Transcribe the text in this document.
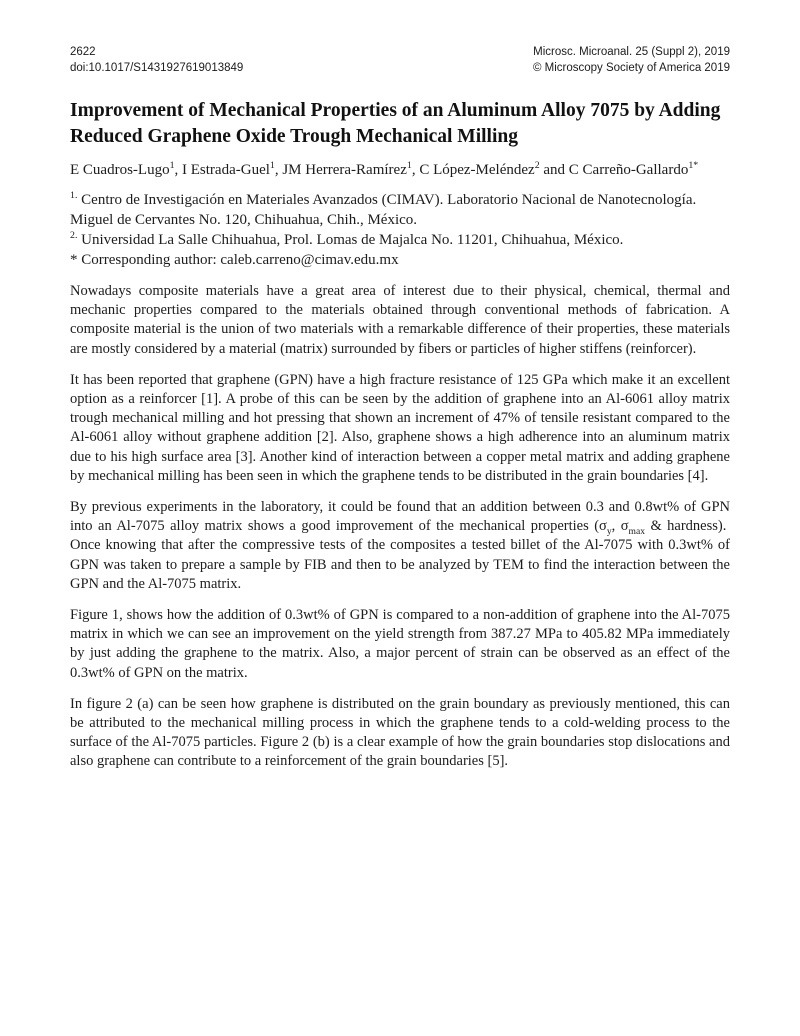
2622
doi:10.1017/S1431927619013849
Microsc. Microanal. 25 (Suppl 2), 2019
© Microscopy Society of America 2019
Improvement of Mechanical Properties of an Aluminum Alloy 7075 by Adding Reduced Graphene Oxide Trough Mechanical Milling

E Cuadros-Lugo$^1$, I Estrada-Guel$^1$, JM Herrera-Ramírez$^1$, C López-Meléndez$^2$ and C Carreño-Gallardo$^{1*}$

$^{1.}$ Centro de Investigación en Materiales Avanzados (CIMAV). Laboratorio Nacional de Nanotecnología. Miguel de Cervantes No. 120, Chihuahua, Chih., México.

$^{2.}$ Universidad La Salle Chihuahua, Prol. Lomas de Majalca No. 11201, Chihuahua, México.

* Corresponding author: caleb.carreno@cimav.edu.mx

Nowadays composite materials have a great area of interest due to their physical, chemical, thermal and mechanic properties compared to the materials obtained through conventional methods of fabrication. A composite material is the union of two materials with a remarkable difference of their properties, these materials are mostly considered by a material (matrix) surrounded by fibers or particles of higher stiffens (reinforcer).

It has been reported that graphene (GPN) have a high fracture resistance of 125 GPa which make it an excellent option as a reinforcer [1]. A probe of this can be seen by the addition of graphene into an Al-6061 alloy matrix trough mechanical milling and hot pressing that shown an increment of 47% of tensile resistant compared to the Al-6061 alloy without graphene addition [2]. Also, graphene shows a high adherence into an aluminum matrix due to his high surface area [3]. Another kind of interaction between a copper metal matrix and adding graphene by mechanical milling has been seen in which the graphene tends to be distributed in the grain boundaries [4].

By previous experiments in the laboratory, it could be found that an addition between 0.3 and 0.8wt% of GPN into an Al-7075 alloy matrix shows a good improvement of the mechanical properties ($\sigma_y$, $\sigma_{max}$ & hardness).  Once knowing that after the compressive tests of the composites a tested billet of the Al-7075 with 0.3wt% of GPN was taken to prepare a sample by FIB and then to be analyzed by TEM to find the interaction between the GPN and the Al-7075 matrix.

Figure 1, shows how the addition of 0.3wt% of GPN is compared to a non-addition of graphene into the Al-7075 matrix in which we can see an improvement on the yield strength from 387.27 MPa to 405.82 MPa immediately by just adding the graphene to the matrix. Also, a major percent of strain can be observed as an effect of the 0.3wt% of GPN on the matrix.

In figure 2 (a) can be seen how graphene is distributed on the grain boundary as previously mentioned, this can be attributed to the mechanical milling process in which the graphene tends to a cold-welding process to the surface of the Al-7075 particles. Figure 2 (b) is a clear example of how the grain boundaries stop dislocations and also graphene can contribute to a reinforcement of the grain boundaries [5].
